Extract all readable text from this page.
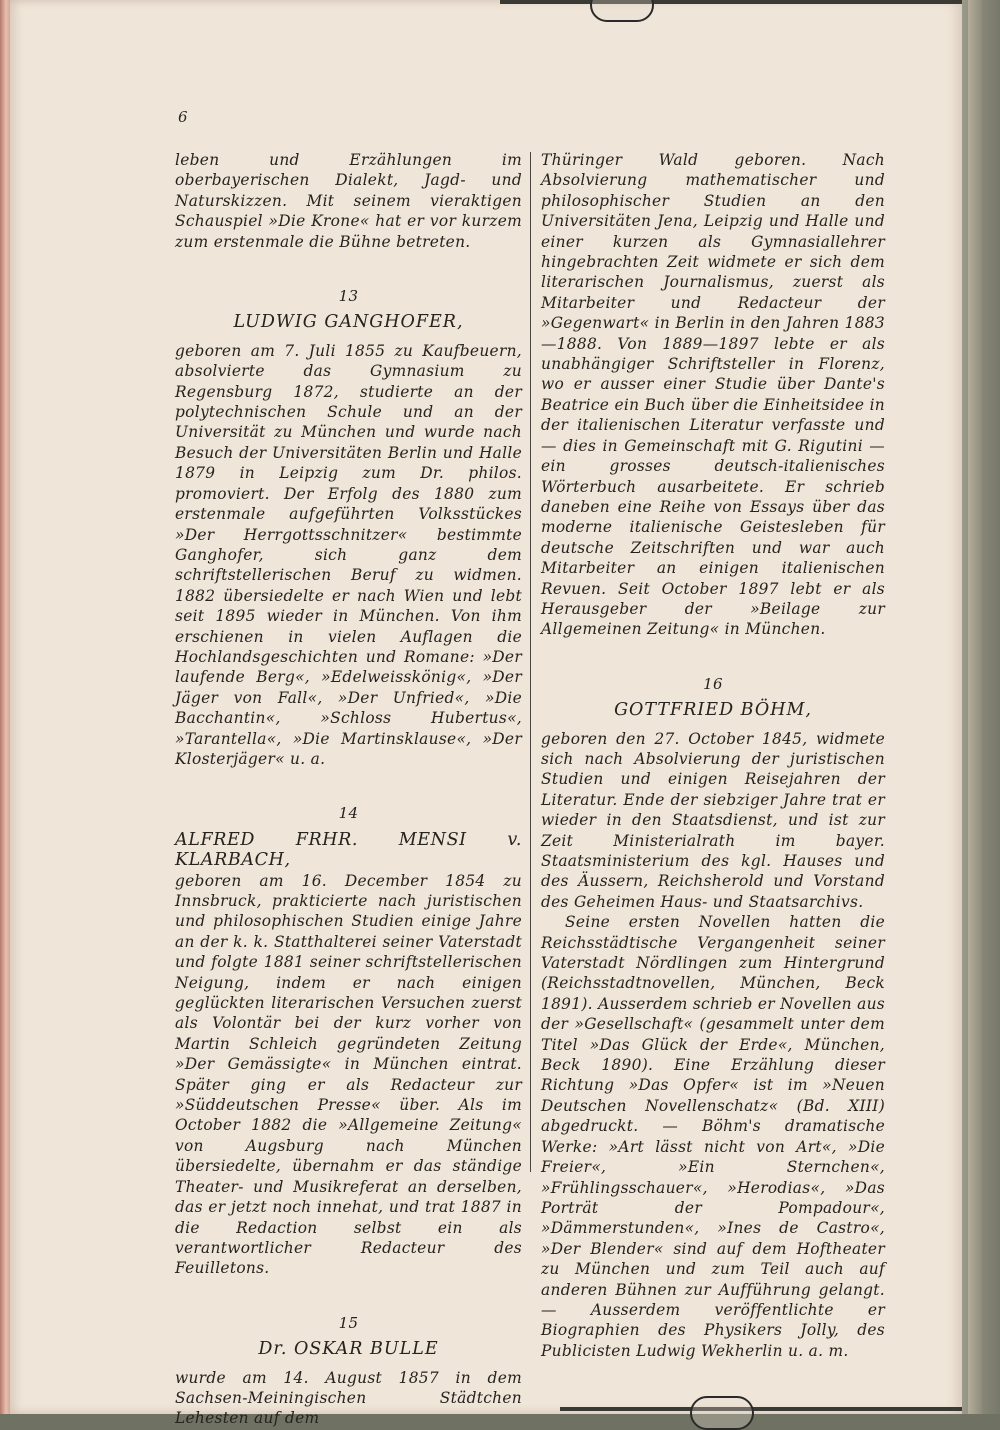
6

leben und Erzählungen im oberbayerischen Dialekt, Jagd- und Naturskizzen. Mit seinem vieraktigen Schauspiel »Die Krone« hat er vor kurzem zum erstenmale die Bühne betreten.

13
LUDWIG GANGHOFER,

geboren am 7. Juli 1855 zu Kaufbeuern, absolvierte das Gymnasium zu Regensburg 1872, studierte an der polytechnischen Schule und an der Universität zu München und wurde nach Besuch der Universitäten Berlin und Halle 1879 in Leipzig zum Dr. philos. promoviert. Der Erfolg des 1880 zum erstenmale aufgeführten Volksstückes »Der Herrgottsschnitzer« bestimmte Ganghofer, sich ganz dem schriftstellerischen Beruf zu widmen. 1882 übersiedelte er nach Wien und lebt seit 1895 wieder in München. Von ihm erschienen in vielen Auflagen die Hochlandsgeschichten und Romane: »Der laufende Berg«, »Edelweisskönig«, »Der Jäger von Fall«, »Der Unfried«, »Die Bacchantin«, »Schloss Hubertus«, »Tarantella«, »Die Martinsklause«, »Der Klosterjäger« u. a.

14
ALFRED FRHR. MENSI v. KLARBACH,

geboren am 16. December 1854 zu Innsbruck, prakticierte nach juristischen und philosophischen Studien einige Jahre an der k. k. Statthalterei seiner Vaterstadt und folgte 1881 seiner schriftstellerischen Neigung, indem er nach einigen geglückten literarischen Versuchen zuerst als Volontär bei der kurz vorher von Martin Schleich gegründeten Zeitung »Der Gemässigte« in München eintrat. Später ging er als Redacteur zur »Süddeutschen Presse« über. Als im October 1882 die »Allgemeine Zeitung« von Augsburg nach München übersiedelte, übernahm er das ständige Theater- und Musikreferat an derselben, das er jetzt noch innehat, und trat 1887 in die Redaction selbst ein als verantwortlicher Redacteur des Feuilletons.

15
Dr. OSKAR BULLE

wurde am 14. August 1857 in dem Sachsen-Meiningischen Städtchen Lehesten auf dem

Thüringer Wald geboren. Nach Absolvierung mathematischer und philosophischer Studien an den Universitäten Jena, Leipzig und Halle und einer kurzen als Gymnasiallehrer hingebrachten Zeit widmete er sich dem literarischen Journalismus, zuerst als Mitarbeiter und Redacteur der »Gegenwart« in Berlin in den Jahren 1883—1888. Von 1889—1897 lebte er als unabhängiger Schriftsteller in Florenz, wo er ausser einer Studie über Dante's Beatrice ein Buch über die Einheitsidee in der italienischen Literatur verfasste und — dies in Gemeinschaft mit G. Rigutini — ein grosses deutsch-italienisches Wörterbuch ausarbeitete. Er schrieb daneben eine Reihe von Essays über das moderne italienische Geistesleben für deutsche Zeitschriften und war auch Mitarbeiter an einigen italienischen Revuen. Seit October 1897 lebt er als Herausgeber der »Beilage zur Allgemeinen Zeitung« in München.

16
GOTTFRIED BÖHM,

geboren den 27. October 1845, widmete sich nach Absolvierung der juristischen Studien und einigen Reisejahren der Literatur. Ende der siebziger Jahre trat er wieder in den Staatsdienst, und ist zur Zeit Ministerialrath im bayer. Staatsministerium des kgl. Hauses und des Äussern, Reichsherold und Vorstand des Geheimen Haus- und Staatsarchivs.

Seine ersten Novellen hatten die Reichsstädtische Vergangenheit seiner Vaterstadt Nördlingen zum Hintergrund (Reichsstadtnovellen, München, Beck 1891). Ausserdem schrieb er Novellen aus der »Gesellschaft« (gesammelt unter dem Titel »Das Glück der Erde«, München, Beck 1890). Eine Erzählung dieser Richtung »Das Opfer« ist im »Neuen Deutschen Novellenschatz« (Bd. XIII) abgedruckt. — Böhm's dramatische Werke: »Art lässt nicht von Art«, »Die Freier«, »Ein Sternchen«, »Frühlingsschauer«, »Herodias«, »Das Porträt der Pompadour«, »Dämmerstunden«, »Ines de Castro«, »Der Blender« sind auf dem Hoftheater zu München und zum Teil auch auf anderen Bühnen zur Aufführung gelangt. — Ausserdem veröffentlichte er Biographien des Physikers Jolly, des Publicisten Ludwig Wekherlin u. a. m.
